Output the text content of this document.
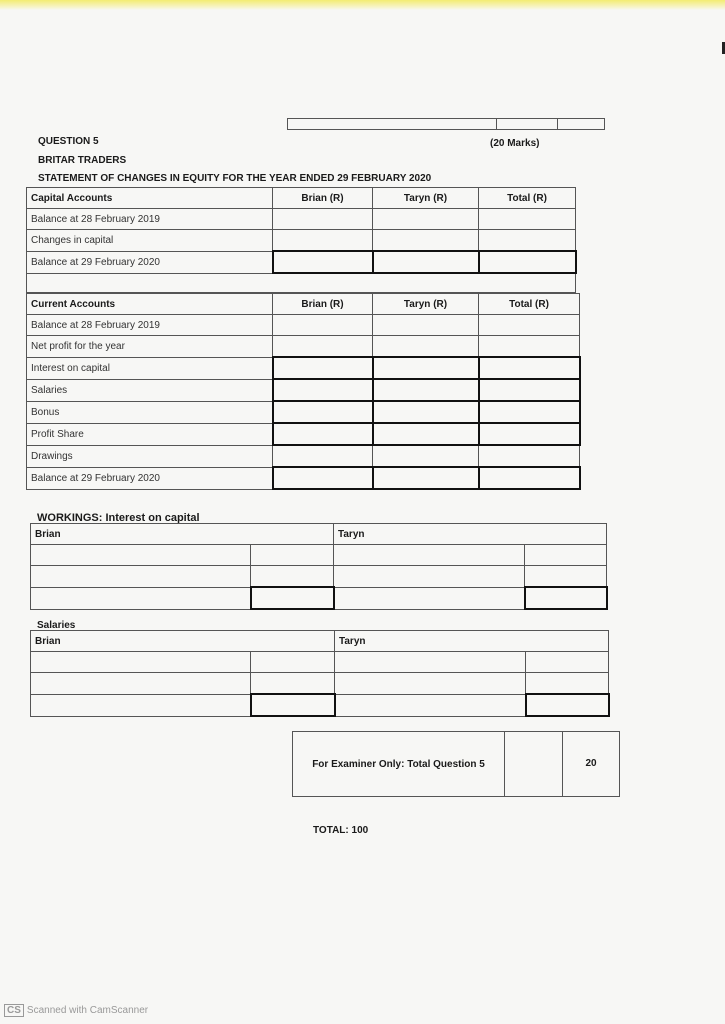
QUESTION 5	(20 Marks)
BRITAR TRADERS
STATEMENT OF CHANGES IN EQUITY FOR THE YEAR ENDED 29 FEBRUARY 2020
Capital Accounts	Brian (R)	Taryn (R)	Total (R)
Balance at 28 February 2019			
Changes in capital			
Balance at 29 February 2020			

Current Accounts	Brian (R)	Taryn (R)	Total (R)
Balance at 28 February 2019			
Net profit for the year			
Interest on capital			
Salaries			
Bonus			
Profit Share			
Drawings			
Balance at 29 February 2020			
WORKINGS: Interest on capital
Brian		Taryn	

Salaries
Brian		Taryn	

For Examiner Only: Total Question 5		20
TOTAL: 100
CS Scanned with CamScanner
